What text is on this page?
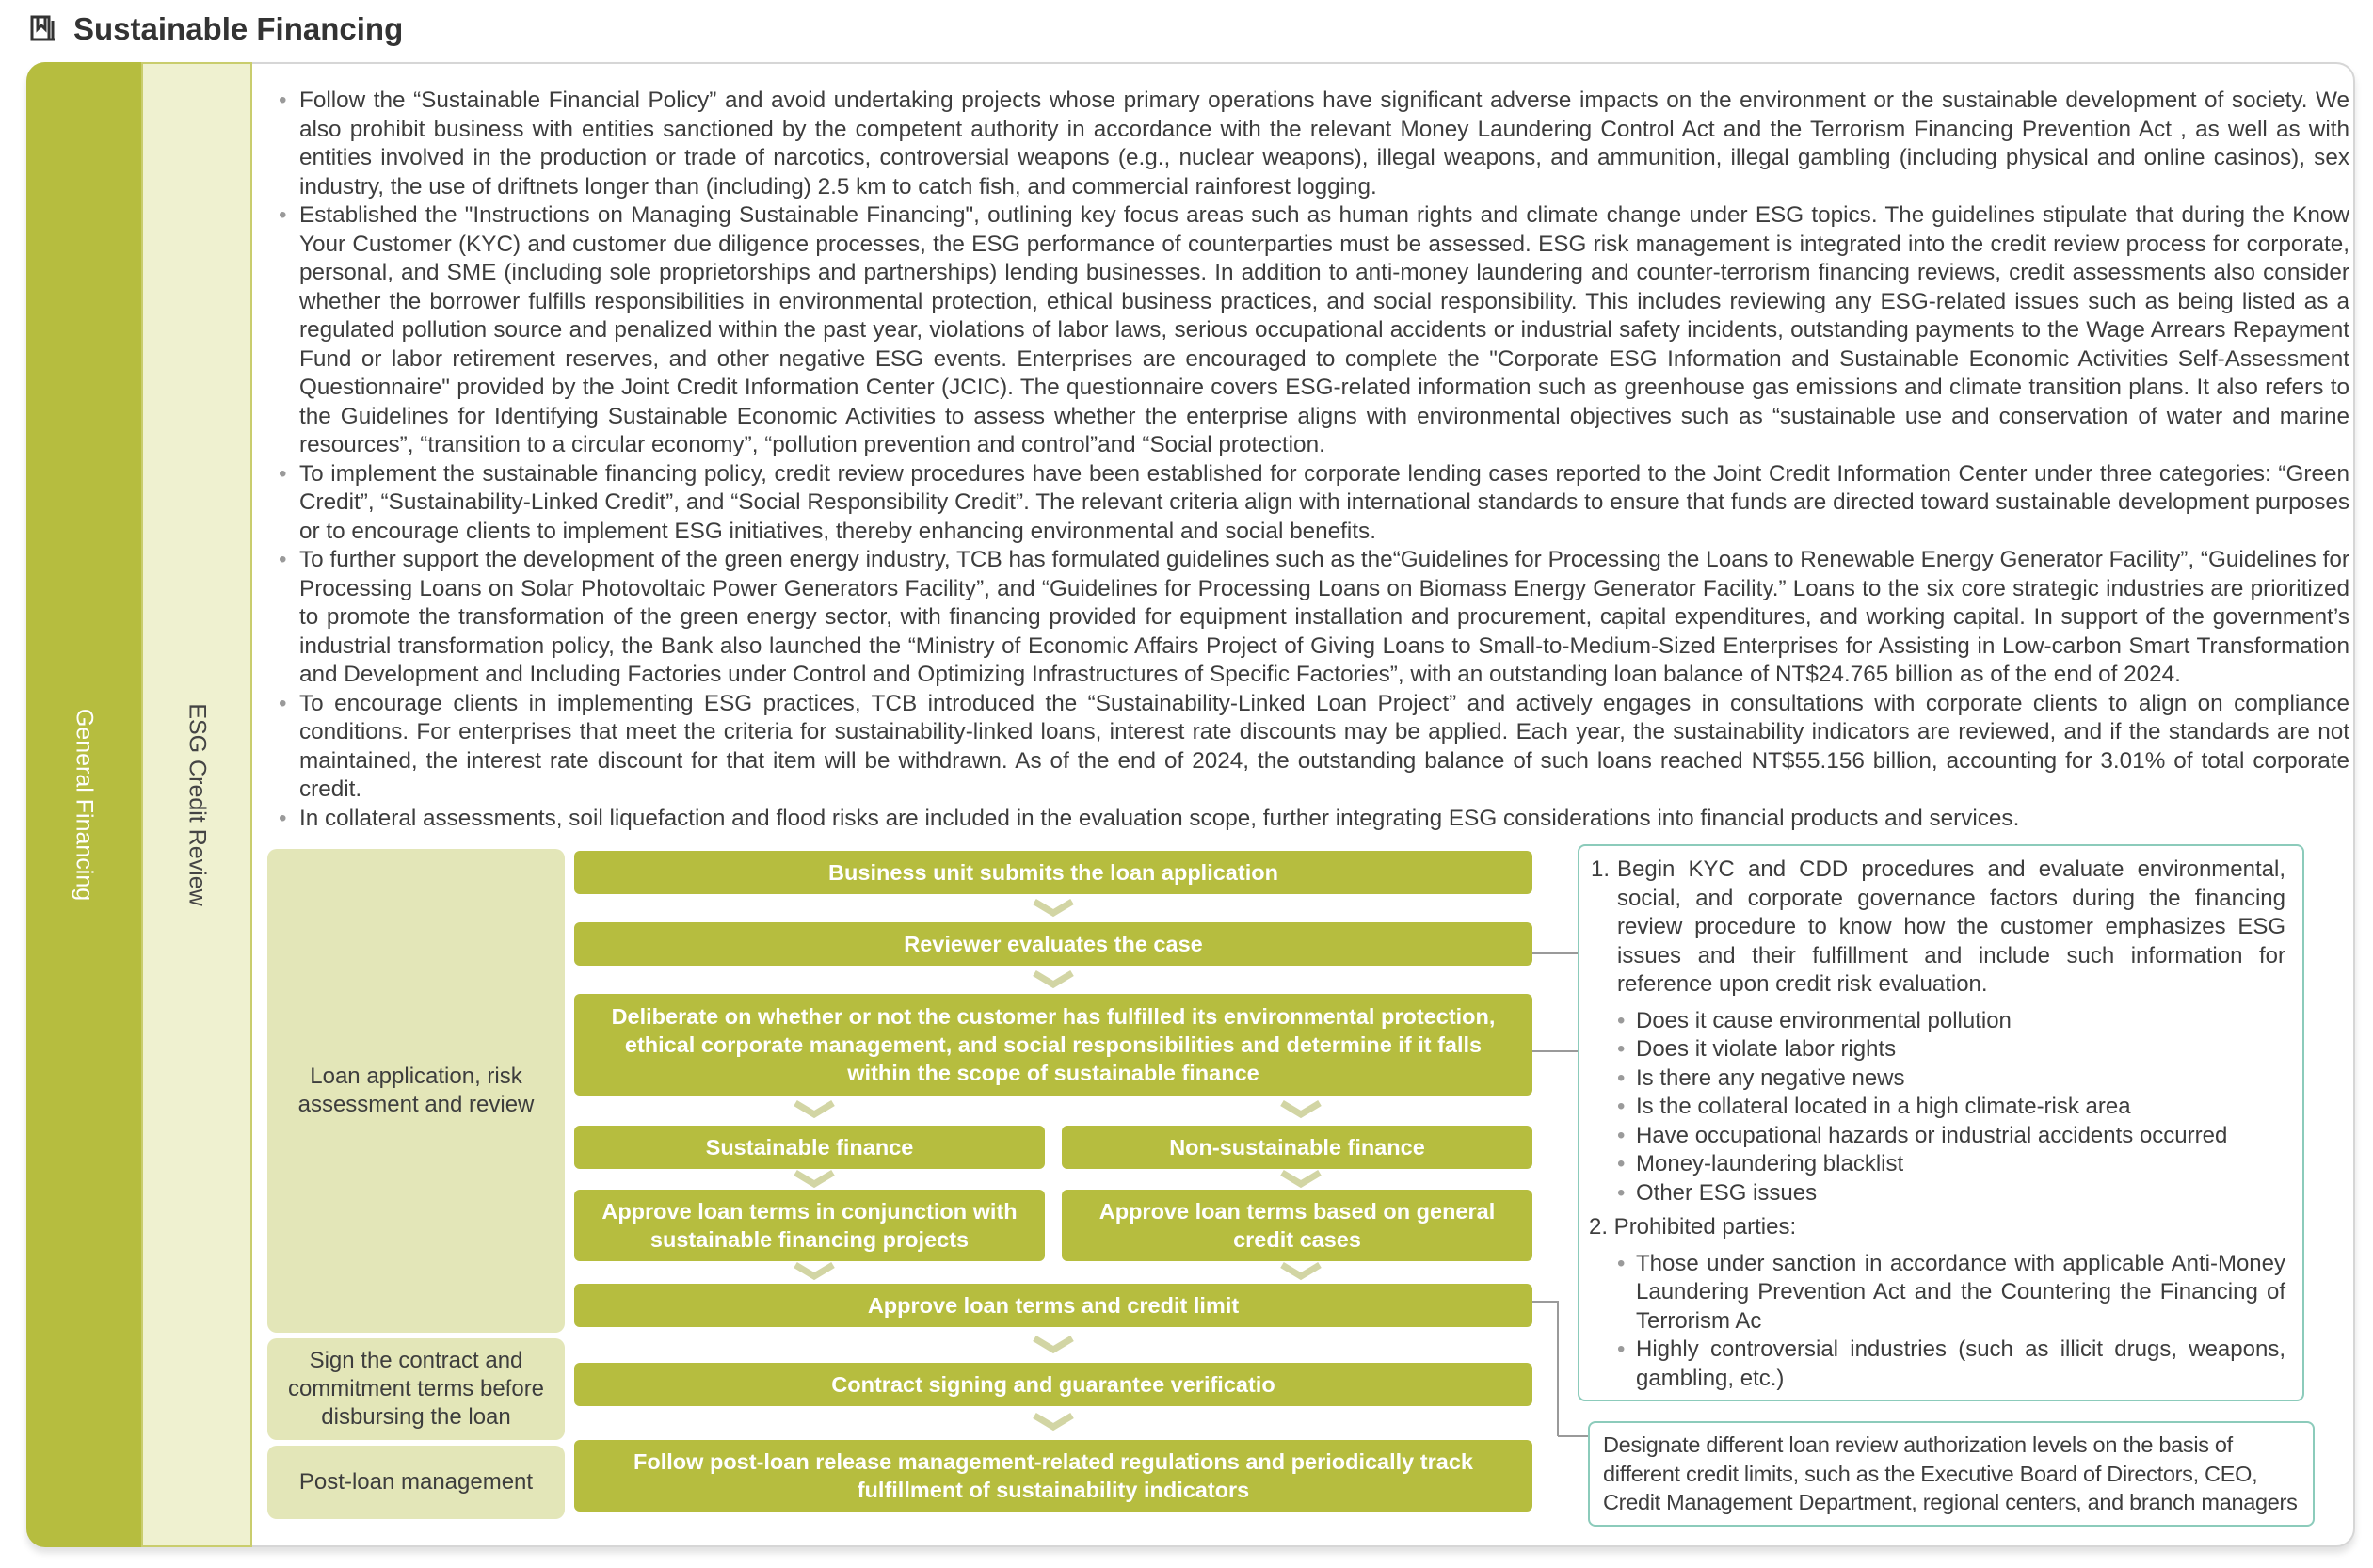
Sustainable Financing
General Financing	ESG Credit Review
• Follow the “Sustainable Financial Policy” and avoid undertaking projects whose primary operations have significant adverse impacts on the environment or the sustainable development of society. We also prohibit business with entities sanctioned by the competent authority in accordance with the relevant Money Laundering Control Act and the Terrorism Financing Prevention Act , as well as with entities involved in the production or trade of narcotics, controversial weapons (e.g., nuclear weapons), illegal weapons, and ammunition, illegal gambling (including physical and online casinos), sex industry, the use of driftnets longer than (including) 2.5 km to catch fish, and commercial rainforest logging.
• Established the "Instructions on Managing Sustainable Financing", outlining key focus areas such as human rights and climate change under ESG topics. The guidelines stipulate that during the Know Your Customer (KYC) and customer due diligence processes, the ESG performance of counterparties must be assessed. ESG risk management is integrated into the credit review process for corporate, personal, and SME (including sole proprietorships and partnerships) lending businesses. In addition to anti-money laundering and counter-terrorism financing reviews, credit assessments also consider whether the borrower fulfills responsibilities in environmental protection, ethical business practices, and social responsibility. This includes reviewing any ESG-related issues such as being listed as a regulated pollution source and penalized within the past year, violations of labor laws, serious occupational accidents or industrial safety incidents, outstanding payments to the Wage Arrears Repayment Fund or labor retirement reserves, and other negative ESG events. Enterprises are encouraged to complete the "Corporate ESG Information and Sustainable Economic Activities Self-Assessment Questionnaire" provided by the Joint Credit Information Center (JCIC). The questionnaire covers ESG-related information such as greenhouse gas emissions and climate transition plans. It also refers to the Guidelines for Identifying Sustainable Economic Activities to assess whether the enterprise aligns with environmental objectives such as “sustainable use and conservation of water and marine resources”, “transition to a circular economy”, “pollution prevention and control”and “Social protection.
• To implement the sustainable financing policy, credit review procedures have been established for corporate lending cases reported to the Joint Credit Information Center under three categories: “Green Credit”, “Sustainability-Linked Credit”, and “Social Responsibility Credit”. The relevant criteria align with international standards to ensure that funds are directed toward sustainable development purposes or to encourage clients to implement ESG initiatives, thereby enhancing environmental and social benefits.
• To further support the development of the green energy industry, TCB has formulated guidelines such as the“Guidelines for Processing the Loans to Renewable Energy Generator Facility”, “Guidelines for Processing Loans on Solar Photovoltaic Power Generators Facility”, and “Guidelines for Processing Loans on Biomass Energy Generator Facility.” Loans to the six core strategic industries are prioritized to promote the transformation of the green energy sector, with financing provided for equipment installation and procurement, capital expenditures, and working capital. In support of the government’s industrial transformation policy, the Bank also launched the “Ministry of Economic Affairs Project of Giving Loans to Small-to-Medium-Sized Enterprises for Assisting in Low-carbon Smart Transformation and Development and Including Factories under Control and Optimizing Infrastructures of Specific Factories”, with an outstanding loan balance of NT$24.765 billion as of the end of 2024.
• To encourage clients in implementing ESG practices, TCB introduced the “Sustainability-Linked Loan Project” and actively engages in consultations with corporate clients to align on compliance conditions. For enterprises that meet the criteria for sustainability-linked loans, interest rate discounts may be applied. Each year, the sustainability indicators are reviewed, and if the standards are not maintained, the interest rate discount for that item will be withdrawn. As of the end of 2024, the outstanding balance of such loans reached NT$55.156 billion, accounting for 3.01% of total corporate credit.
• In collateral assessments, soil liquefaction and flood risks are included in the evaluation scope, further integrating ESG considerations into financial products and services.
Loan application, risk assessment and review
Sign the contract and commitment terms before disbursing the loan
Post-loan management
Business unit submits the loan application
Reviewer evaluates the case
Deliberate on whether or not the customer has fulfilled its environmental protection, ethical corporate management, and social responsibilities and determine if it falls within the scope of sustainable finance
Sustainable finance	Non-sustainable finance
Approve loan terms in conjunction with sustainable financing projects
Approve loan terms based on general credit cases
Approve loan terms and credit limit
Contract signing and guarantee verificatio
Follow post-loan release management-related regulations and periodically track fulfillment of sustainability indicators
1. Begin KYC and CDD procedures and evaluate environmental, social, and corporate governance factors during the financing review procedure to know how the customer emphasizes ESG issues and their fulfillment and include such information for reference upon credit risk evaluation.
• Does it cause environmental pollution
• Does it violate labor rights
• Is there any negative news
• Is the collateral located in a high climate-risk area
• Have occupational hazards or industrial accidents occurred
• Money-laundering blacklist
• Other ESG issues
2. Prohibited parties:
• Those under sanction in accordance with applicable Anti-Money Laundering Prevention Act and the Countering the Financing of Terrorism Ac
• Highly controversial industries (such as illicit drugs, weapons, gambling, etc.)
Designate different loan review authorization levels on the basis of different credit limits, such as the Executive Board of Directors, CEO, Credit Management Department, regional centers, and branch managers
